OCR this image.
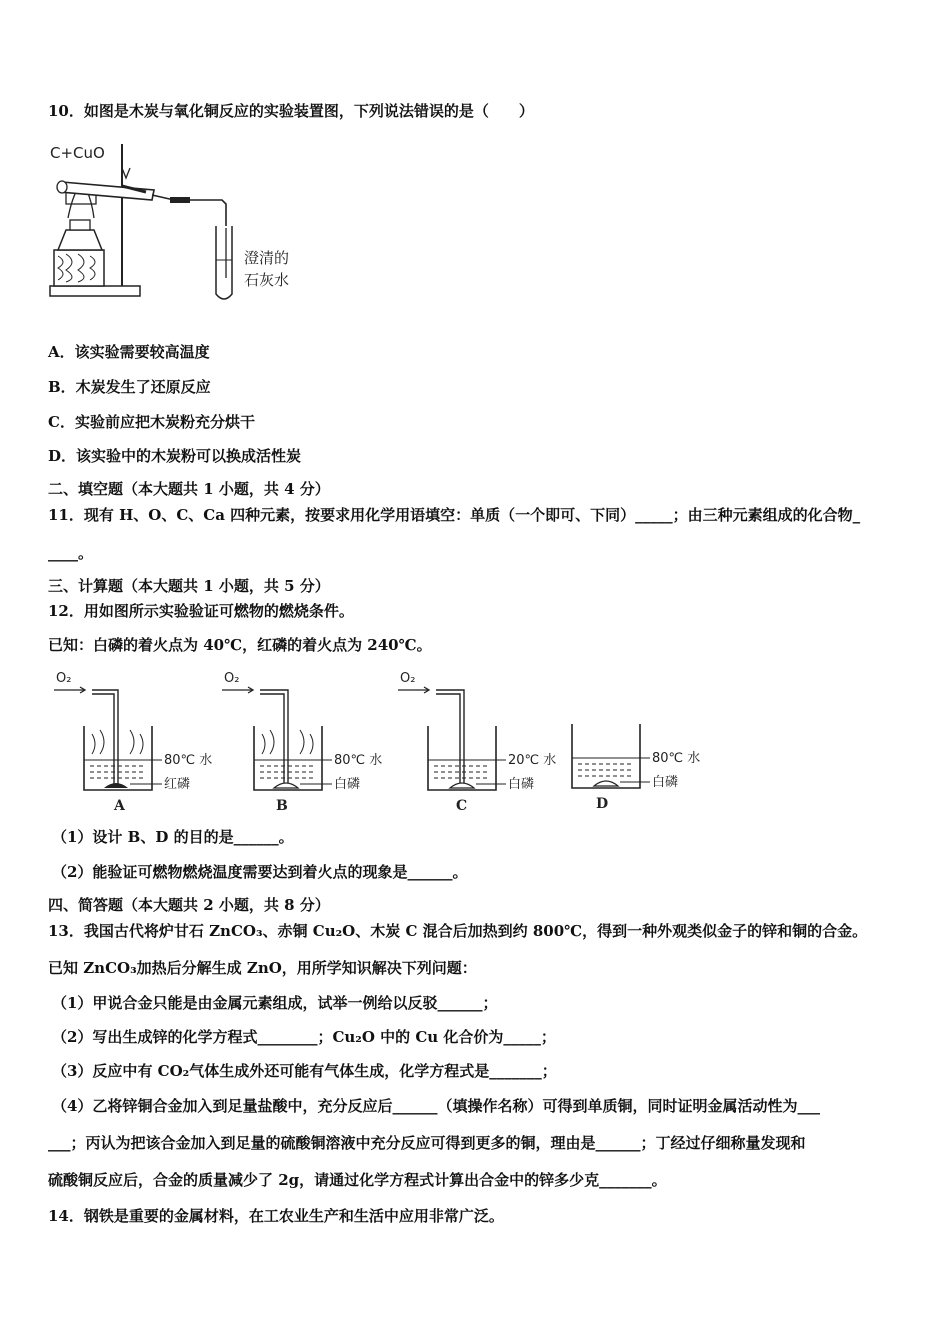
10．如图是木炭与氧化铜反应的实验装置图，下列说法错误的是（　　）
C+CuO
澄清的
石灰水
A．该实验需要较高温度
B．木炭发生了还原反应
C．实验前应把木炭粉充分烘干
D．该实验中的木炭粉可以换成活性炭
二、填空题（本大题共 1 小题，共 4 分）
11．现有 H、O、C、Ca 四种元素，按要求用化学用语填空：单质（一个即可、下同）_____；由三种元素组成的化合物_
____。
三、计算题（本大题共 1 小题，共 5 分）
12．用如图所示实验验证可燃物的燃烧条件。
已知：白磷的着火点为 40℃，红磷的着火点为 240℃。
O₂
80℃ 水
红磷
A
O₂
80℃ 水
白磷
B
O₂
20℃ 水
白磷
C
80℃ 水
白磷
D
（1）设计 B、D 的目的是______。
（2）能验证可燃物燃烧温度需要达到着火点的现象是______。
四、简答题（本大题共 2 小题，共 8 分）
13．我国古代将炉甘石 ZnCO₃、赤铜 Cu₂O、木炭 C 混合后加热到约 800℃，得到一种外观类似金子的锌和铜的合金。
已知 ZnCO₃加热后分解生成 ZnO，用所学知识解决下列问题：
（1）甲说合金只能是由金属元素组成，试举一例给以反驳______；
（2）写出生成锌的化学方程式________；Cu₂O 中的 Cu 化合价为_____；
（3）反应中有 CO₂气体生成外还可能有气体生成，化学方程式是_______；
（4）乙将锌铜合金加入到足量盐酸中，充分反应后______（填操作名称）可得到单质铜，同时证明金属活动性为___
___；丙认为把该合金加入到足量的硫酸铜溶液中充分反应可得到更多的铜，理由是______；丁经过仔细称量发现和
硫酸铜反应后，合金的质量减少了 2g，请通过化学方程式计算出合金中的锌多少克_______。
14．钢铁是重要的金属材料，在工农业生产和生活中应用非常广泛。
